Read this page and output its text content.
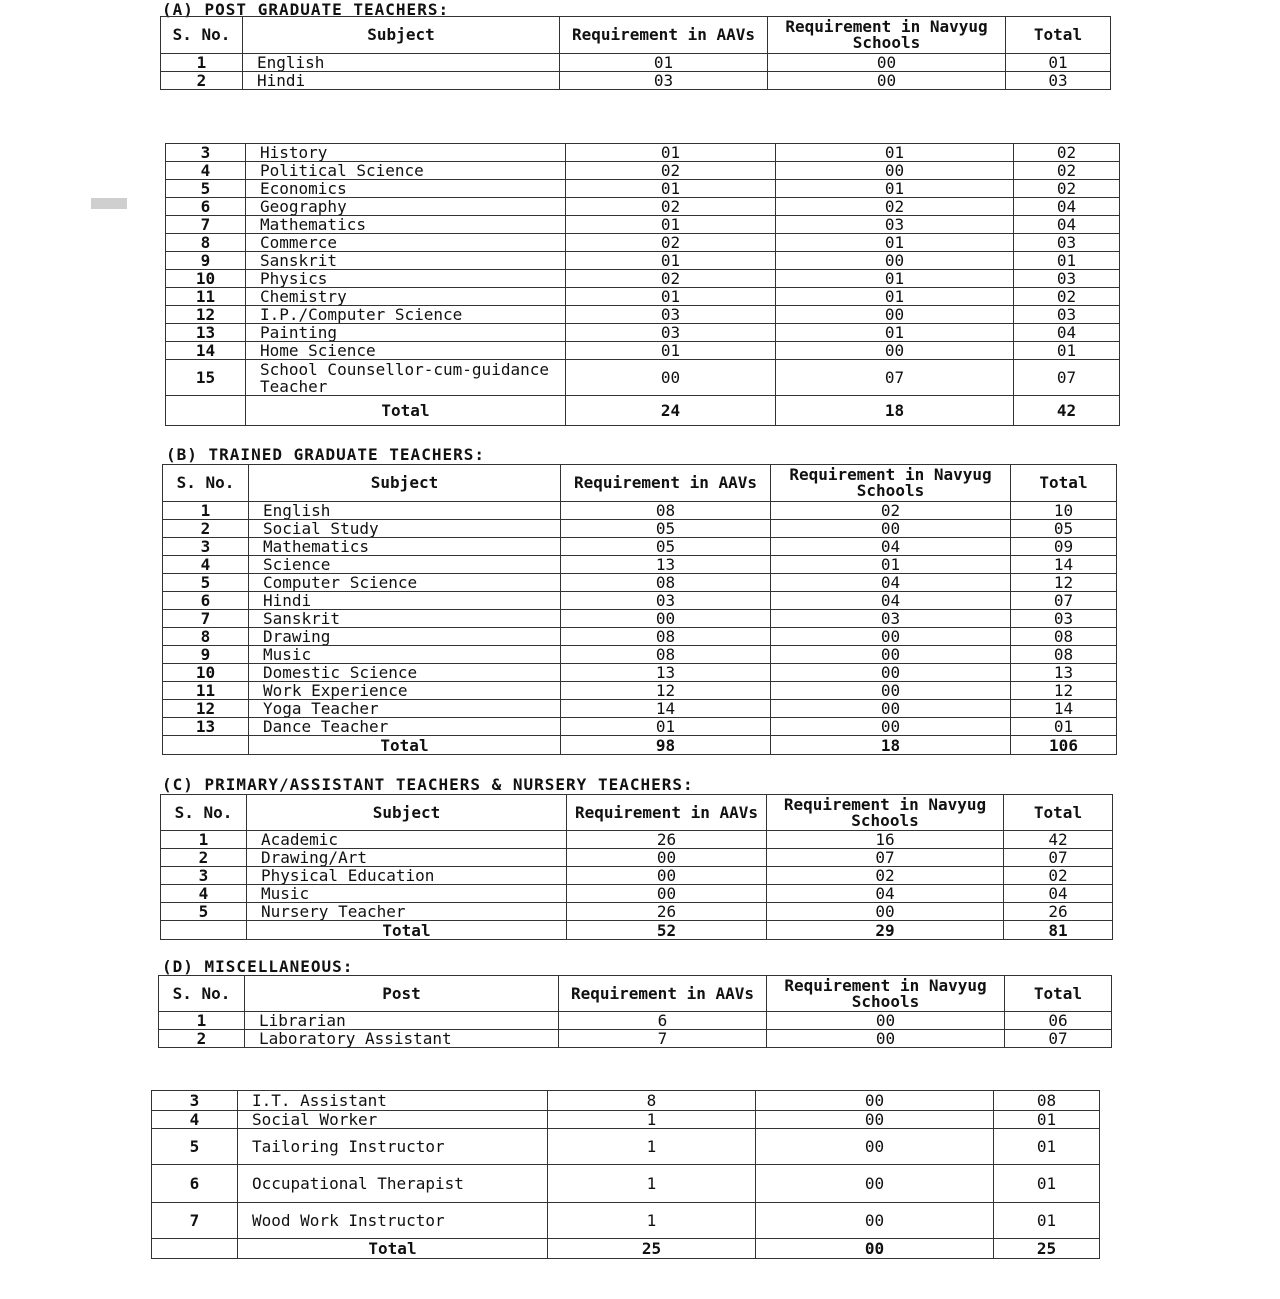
(A) POST GRADUATE TEACHERS:
S. No.	Subject	Requirement in AAVs	Requirement in Navyug Schools	Total
1	English	01	00	01
2	Hindi	03	00	03
3	History	01	01	02
4	Political Science	02	00	02
5	Economics	01	01	02
6	Geography	02	02	04
7	Mathematics	01	03	04
8	Commerce	02	01	03
9	Sanskrit	01	00	01
10	Physics	02	01	03
11	Chemistry	01	01	02
12	I.P./Computer Science	03	00	03
13	Painting	03	01	04
14	Home Science	01	00	01
15	School Counsellor-cum-guidance Teacher	00	07	07
	Total	24	18	42
(B) TRAINED GRADUATE TEACHERS:
S. No.	Subject	Requirement in AAVs	Requirement in Navyug Schools	Total
1	English	08	02	10
2	Social Study	05	00	05
3	Mathematics	05	04	09
4	Science	13	01	14
5	Computer Science	08	04	12
6	Hindi	03	04	07
7	Sanskrit	00	03	03
8	Drawing	08	00	08
9	Music	08	00	08
10	Domestic Science	13	00	13
11	Work Experience	12	00	12
12	Yoga Teacher	14	00	14
13	Dance Teacher	01	00	01
	Total	98	18	106
(C) PRIMARY/ASSISTANT TEACHERS & NURSERY TEACHERS:
S. No.	Subject	Requirement in AAVs	Requirement in Navyug Schools	Total
1	Academic	26	16	42
2	Drawing/Art	00	07	07
3	Physical Education	00	02	02
4	Music	00	04	04
5	Nursery Teacher	26	00	26
	Total	52	29	81
(D) MISCELLANEOUS:
S. No.	Post	Requirement in AAVs	Requirement in Navyug Schools	Total
1	Librarian	6	00	06
2	Laboratory Assistant	7	00	07
3	I.T. Assistant	8	00	08
4	Social Worker	1	00	01
5	Tailoring Instructor	1	00	01
6	Occupational Therapist	1	00	01
7	Wood Work Instructor	1	00	01
	Total	25	00	25
